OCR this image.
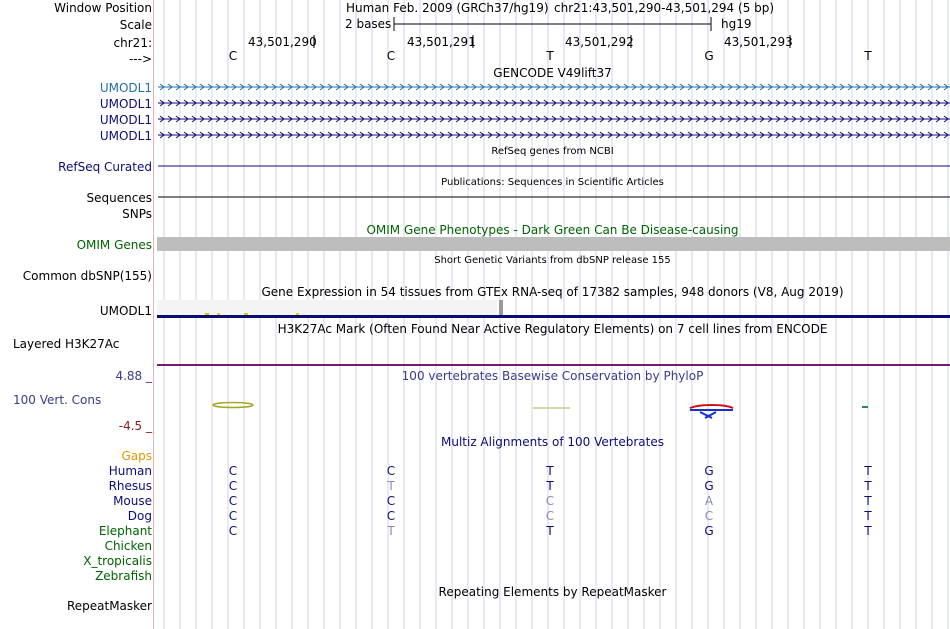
Window Position	Human Feb. 2009 (GRCh37/hg19) chr21:43,501,290-43,501,294 (5 bp)
Scale	2 bases	hg19
chr21:	43,501,290	43,501,291	43,501,292	43,501,293
--->	C	C	T	G	T
GENCODE V49lift37
UMODL1
UMODL1
UMODL1
UMODL1
RefSeq genes from NCBI
RefSeq Curated
Publications: Sequences in Scientific Articles
Sequences
SNPs
OMIM Gene Phenotypes - Dark Green Can Be Disease-causing
OMIM Genes
Short Genetic Variants from dbSNP release 155
Common dbSNP(155)
Gene Expression in 54 tissues from GTEx RNA-seq of 17382 samples, 948 donors (V8, Aug 2019)
UMODL1
H3K27Ac Mark (Often Found Near Active Regulatory Elements) on 7 cell lines from ENCODE
Layered H3K27Ac
100 vertebrates Basewise Conservation by PhyloP
4.88 _
100 Vert. Cons
-4.5 _
Multiz Alignments of 100 Vertebrates
Gaps
Human	C	C	T	G	T
Rhesus	C	T	T	G	T
Mouse	C	C	C	A	T
Dog	C	C	C	C	T
Elephant	C	T	T	G	T
Chicken
X_tropicalis
Zebrafish
Repeating Elements by RepeatMasker
RepeatMasker
